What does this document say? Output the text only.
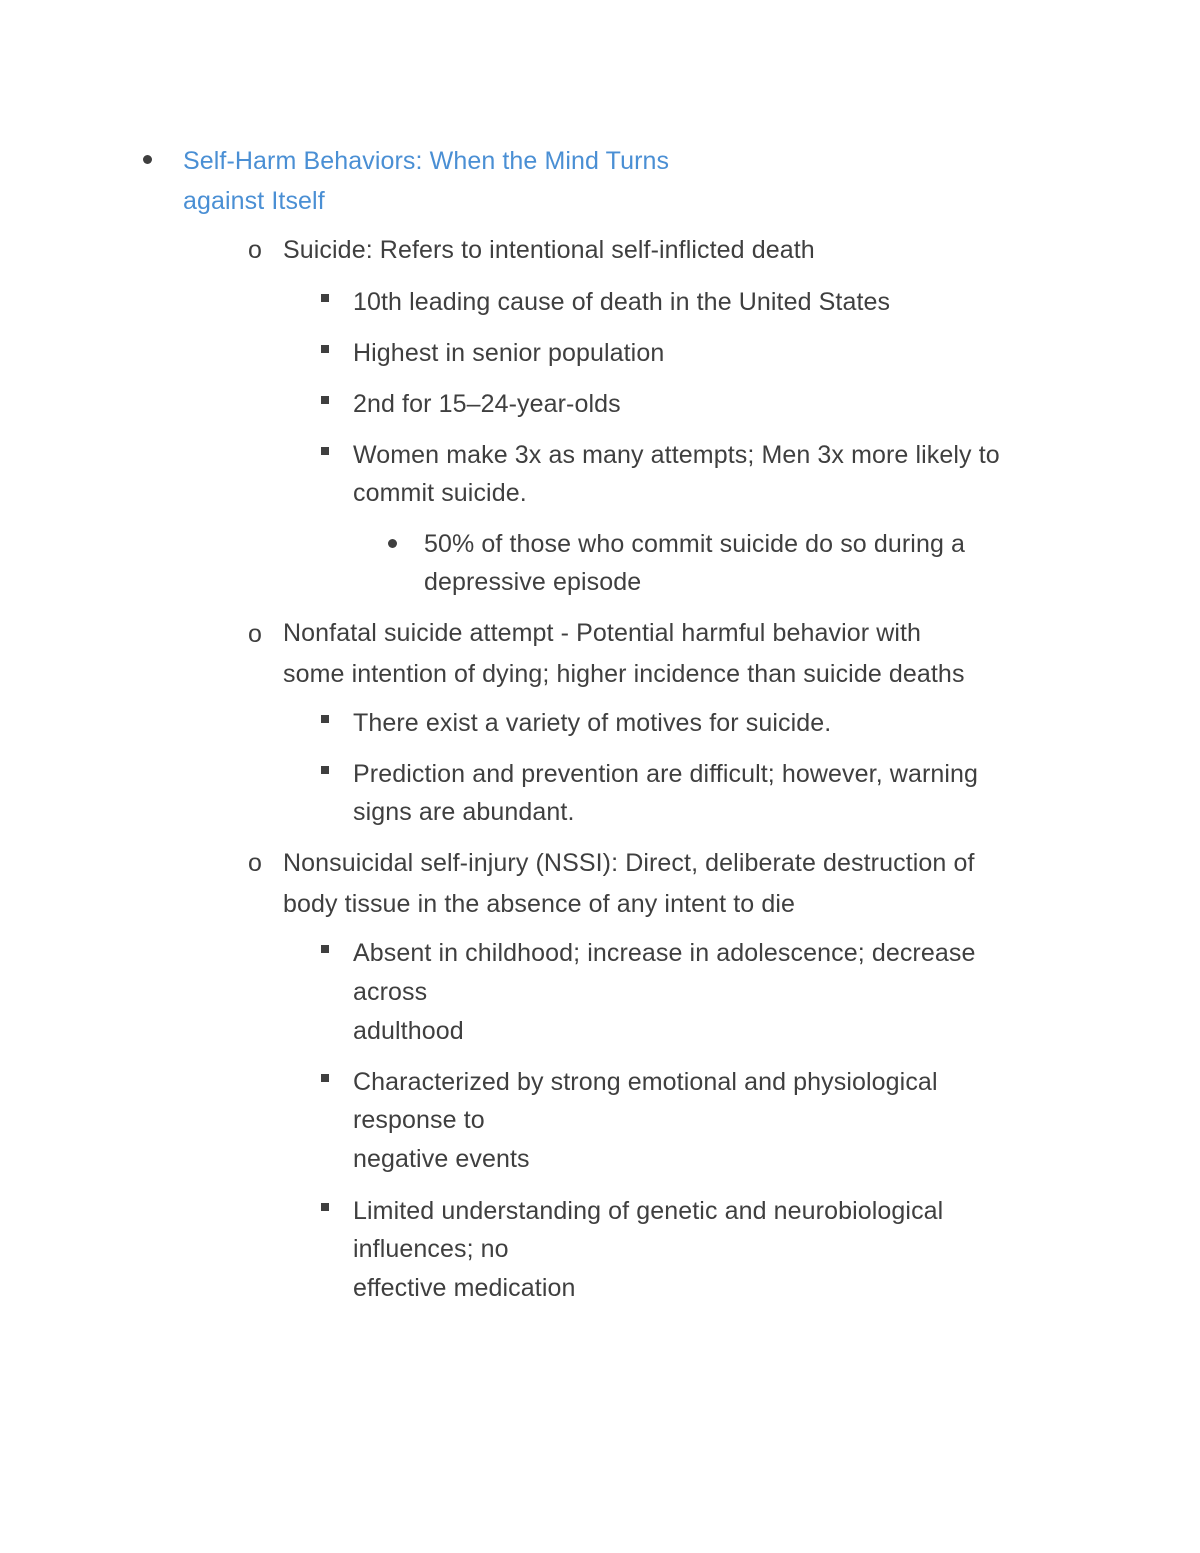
Self-Harm Behaviors: When the Mind Turns
against Itself
o Suicide: Refers to intentional self-inflicted death
10th leading cause of death in the United States
Highest in senior population
2nd for 15–24-year-olds
Women make 3x as many attempts; Men 3x more likely to
commit suicide.
50% of those who commit suicide do so during a
depressive episode
o Nonfatal suicide attempt - Potential harmful behavior with
some intention of dying; higher incidence than suicide deaths
There exist a variety of motives for suicide.
Prediction and prevention are difficult; however, warning
signs are abundant.
o Nonsuicidal self-injury (NSSI): Direct, deliberate destruction of
body tissue in the absence of any intent to die
Absent in childhood; increase in adolescence; decrease
across
adulthood
Characterized by strong emotional and physiological
response to
negative events
Limited understanding of genetic and neurobiological
influences; no
effective medication
